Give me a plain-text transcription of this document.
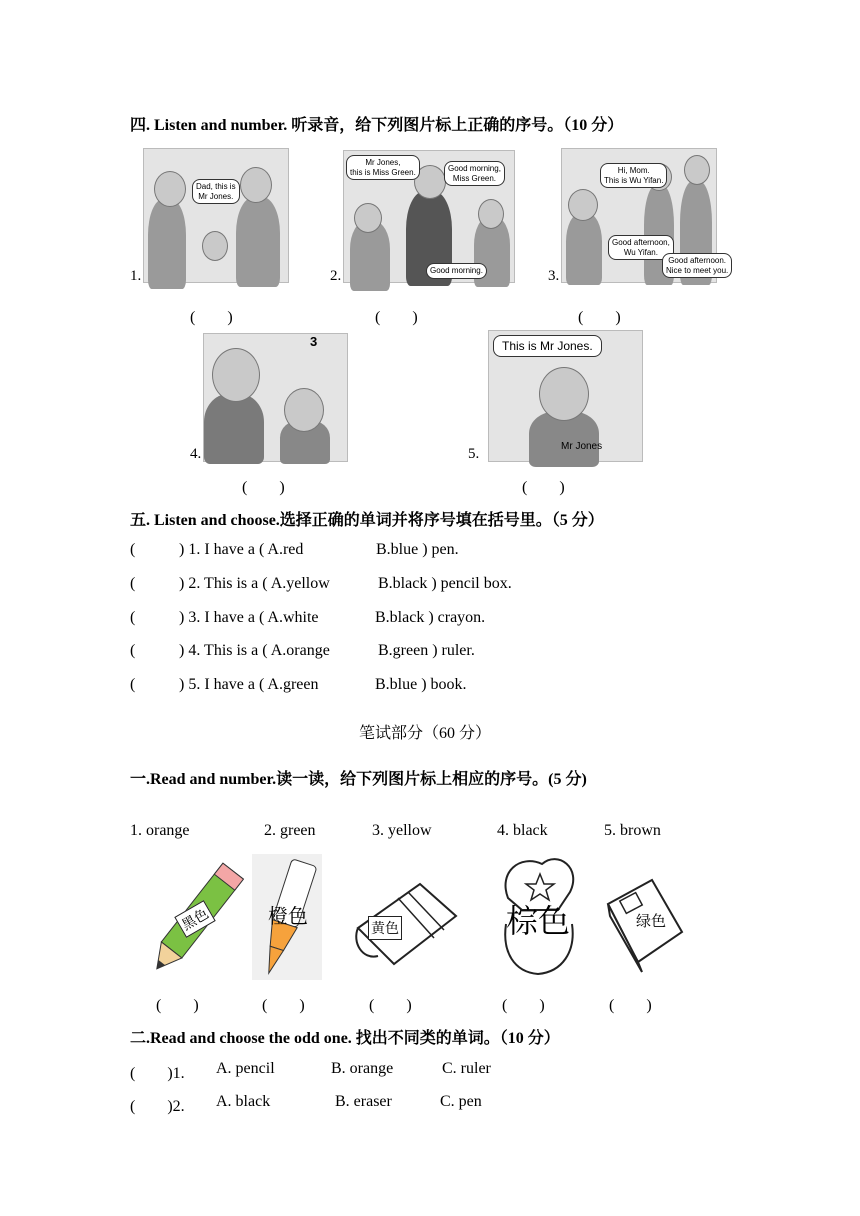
四. Listen and number. 听录音，给下列图片标上正确的序号。（10 分）
1.
Dad, this is
Mr Jones.
2.
Mr Jones,
this is Miss Green.	Good morning,
Miss Green.
Good morning.	3.
Hi, Mom.
This is Wu Yifan.
Good afternoon,
Wu Yifan.
Good afternoon.
Nice to meet you.
(　　)	(　　)	(　　)
4.
3
5.
This is Mr Jones.
Mr Jones
(　　)	(　　)
五. Listen and choose.选择正确的单词并将序号填在括号里。（5 分）
(	) 1. I have a ( A.red	B.blue ) pen.
(	) 2. This is a ( A.yellow	B.black ) pencil box.
(	) 3. I have a ( A.white	B.black ) crayon.
(	) 4. This is a ( A.orange	B.green ) ruler.
(	) 5. I have a ( A.green	B.blue ) book.
笔试部分（60 分）
一.Read and number.读一读，给下列图片标上相应的序号。(5 分)
1. orange	2. green	3. yellow	4. black	5. brown
黑色	橙色
黄色	棕色	绿色
(　　)	(　　)	(　　)	(　　)	(　　)
二.Read and choose the odd one. 找出不同类的单词。（10 分）
(　　)1. A. pencil	B. orange	C. ruler
(　　)2. A. black	B. eraser	C. pen
